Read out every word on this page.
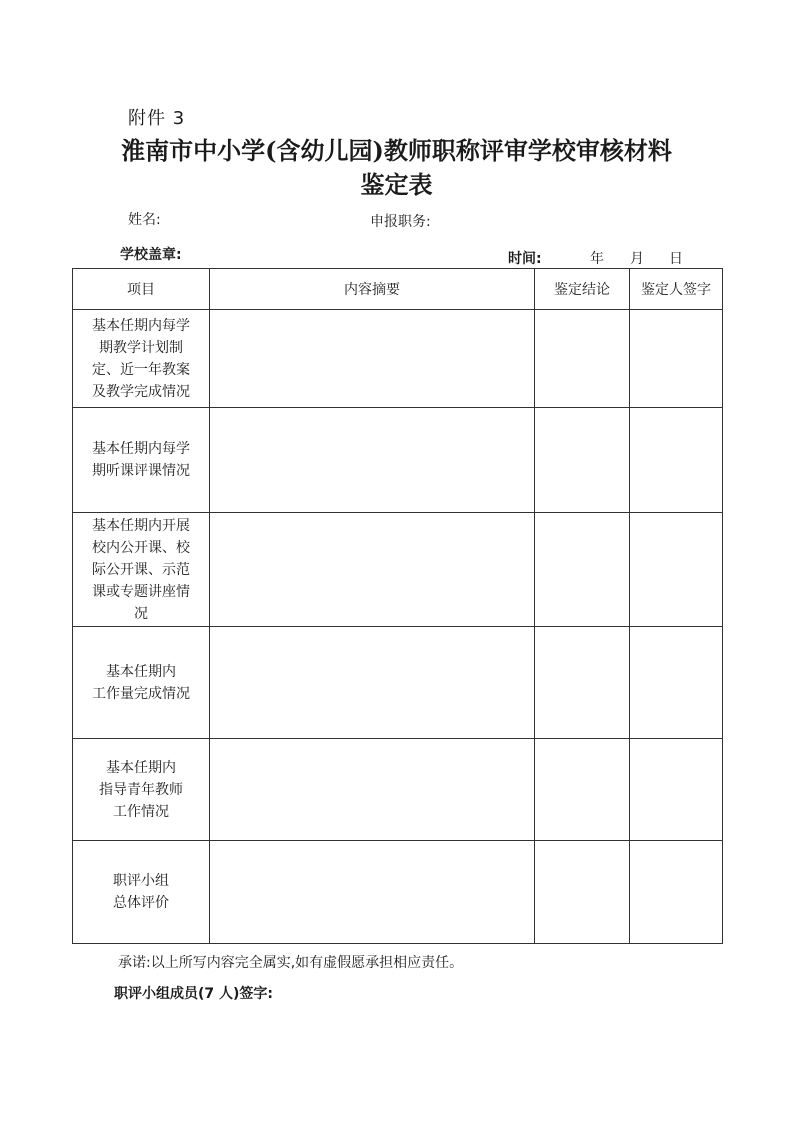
附件 3
淮南市中小学(含幼儿园)教师职称评审学校审核材料
鉴定表
姓名:	申报职务:
学校盖章:	时间:	年 月 日
项目	内容摘要	鉴定结论	鉴定人签字

基本任期内每学
期教学计划制
定、近一年教案
及教学完成情况			

基本任期内每学
期听课评课情况			

基本任期内开展
校内公开课、校
际公开课、示范
课或专题讲座情
况			

基本任期内
工作量完成情况			

基本任期内
指导青年教师
工作情况			

职评小组
总体评价			

承诺:以上所写内容完全属实,如有虚假愿承担相应责任。
职评小组成员(7 人)签字:
